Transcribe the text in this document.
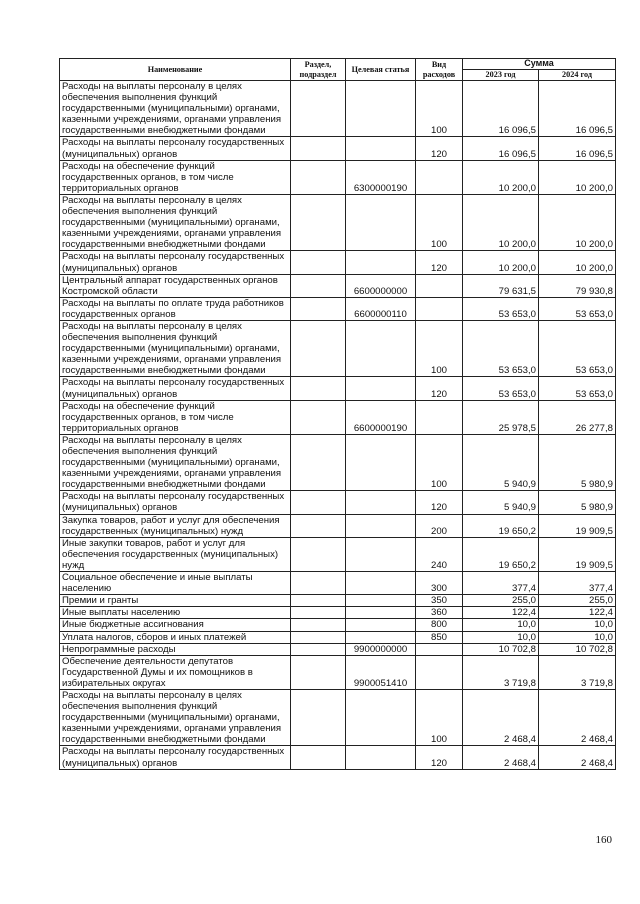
Наименование	Раздел, подраздел	Целевая статья	Вид расходов	Сумма	
				2023 год	2024 год
Расходы на выплаты персоналу в целях обеспечения выполнения функций государственными (муниципальными) органами, казенными учреждениями, органами управления государственными внебюджетными фондами			100	16 096,5	16 096,5
Расходы на выплаты персоналу государственных (муниципальных) органов			120	16 096,5	16 096,5
Расходы на обеспечение функций государственных органов, в том числе территориальных органов		6300000190		10 200,0	10 200,0
Расходы на выплаты персоналу в целях обеспечения выполнения функций государственными (муниципальными) органами, казенными учреждениями, органами управления государственными внебюджетными фондами			100	10 200,0	10 200,0
Расходы на выплаты персоналу государственных (муниципальных) органов			120	10 200,0	10 200,0
Центральный аппарат государственных органов Костромской области		6600000000		79 631,5	79 930,8
Расходы на выплаты по оплате труда работников государственных органов		6600000110		53 653,0	53 653,0
Расходы на выплаты персоналу в целях обеспечения выполнения функций государственными (муниципальными) органами, казенными учреждениями, органами управления государственными внебюджетными фондами			100	53 653,0	53 653,0
Расходы на выплаты персоналу государственных (муниципальных) органов			120	53 653,0	53 653,0
Расходы на обеспечение функций государственных органов, в том числе территориальных органов		6600000190		25 978,5	26 277,8
Расходы на выплаты персоналу в целях обеспечения выполнения функций государственными (муниципальными) органами, казенными учреждениями, органами управления государственными внебюджетными фондами			100	5 940,9	5 980,9
Расходы на выплаты персоналу государственных (муниципальных) органов			120	5 940,9	5 980,9
Закупка товаров, работ и услуг для обеспечения государственных (муниципальных) нужд			200	19 650,2	19 909,5
Иные закупки товаров, работ и услуг для обеспечения государственных (муниципальных) нужд			240	19 650,2	19 909,5
Социальное обеспечение и иные выплаты населению			300	377,4	377,4
Премии и гранты			350	255,0	255,0
Иные выплаты населению			360	122,4	122,4
Иные бюджетные ассигнования			800	10,0	10,0
Уплата налогов, сборов и иных платежей			850	10,0	10,0
Непрограммные расходы		9900000000		10 702,8	10 702,8
Обеспечение деятельности депутатов Государственной Думы и их помощников в избирательных округах		9900051410		3 719,8	3 719,8
Расходы на выплаты персоналу в целях обеспечения выполнения функций государственными (муниципальными) органами, казенными учреждениями, органами управления государственными внебюджетными фондами			100	2 468,4	2 468,4
Расходы на выплаты персоналу государственных (муниципальных) органов			120	2 468,4	2 468,4
160
